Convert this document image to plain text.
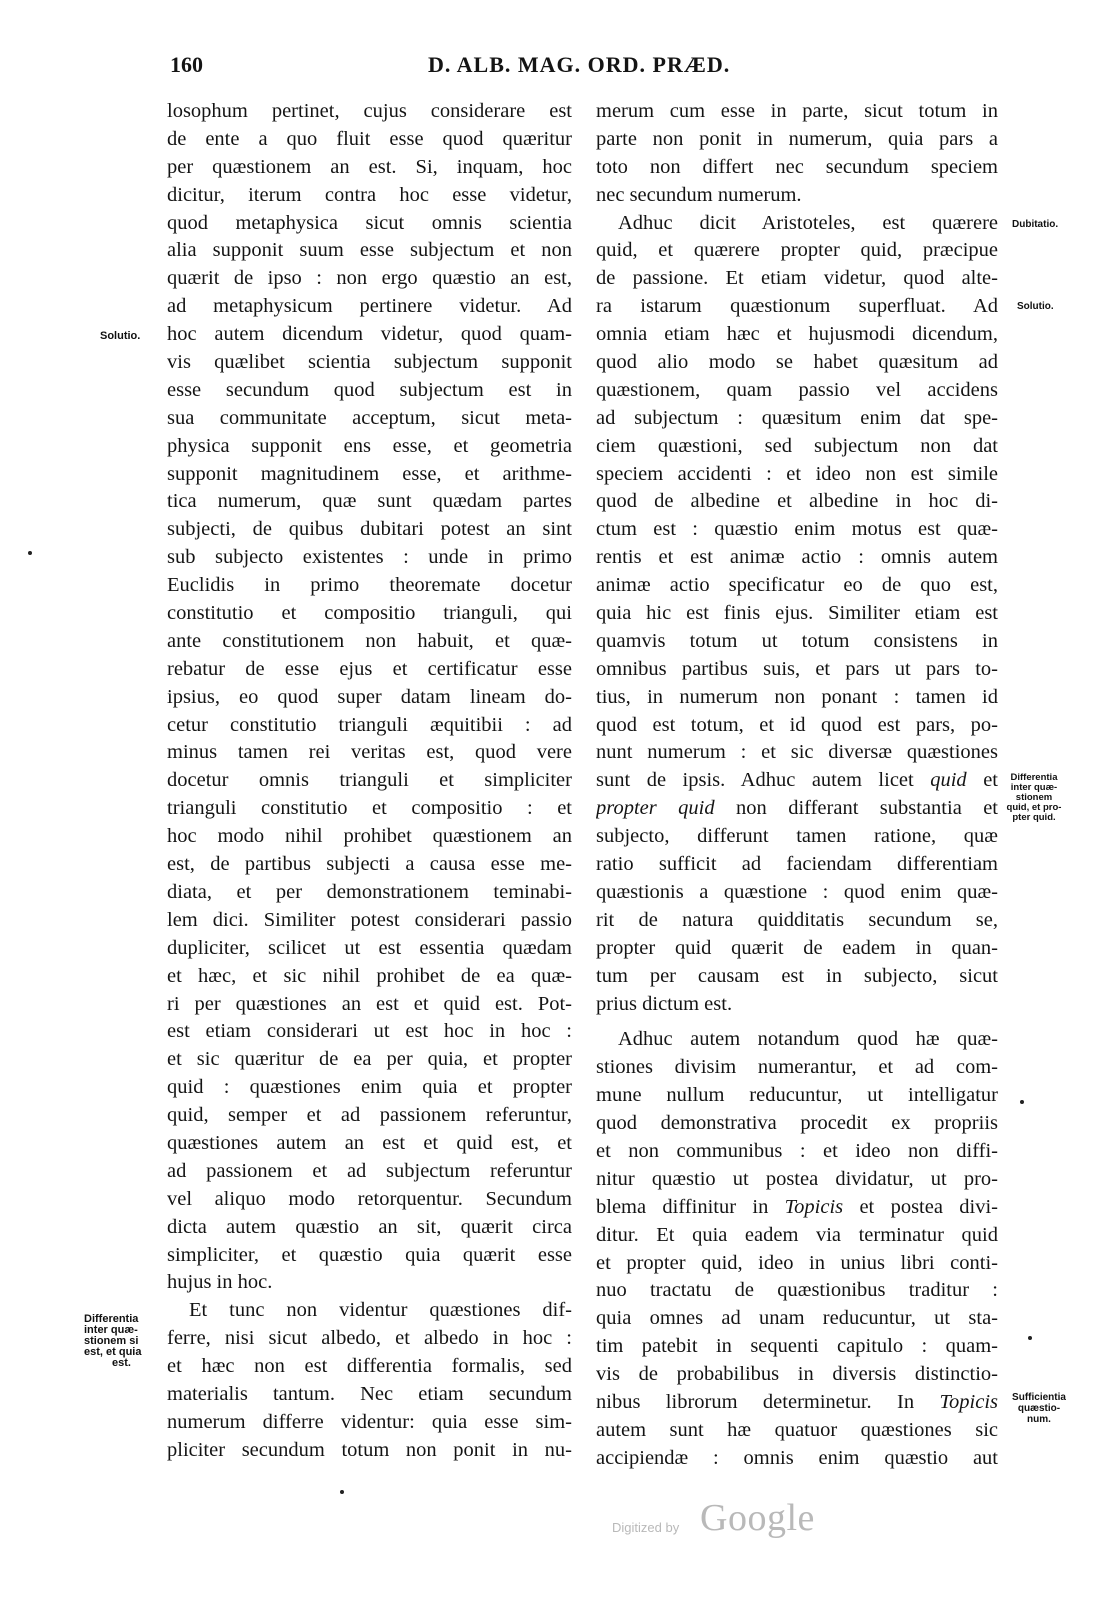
160	D. ALB. MAG. ORD. PRÆD.
losophum pertinet, cujus considerare est
de ente a quo fluit esse quod quæritur
per quæstionem an est. Si, inquam, hoc
dicitur, iterum contra hoc esse videtur,
quod metaphysica sicut omnis scientia
alia supponit suum esse subjectum et non
quærit de ipso : non ergo quæstio an est,
ad metaphysicum pertinere videtur. Ad
hoc autem dicendum videtur, quod quam-
vis quælibet scientia subjectum supponit
esse secundum quod subjectum est in
sua communitate acceptum, sicut meta-
physica supponit ens esse, et geometria
supponit magnitudinem esse, et arithme-
tica numerum, quæ sunt quædam partes
subjecti, de quibus dubitari potest an sint
sub subjecto existentes : unde in primo
Euclidis in primo theoremate docetur
constitutio et compositio trianguli, qui
ante constitutionem non habuit, et quæ-
rebatur de esse ejus et certificatur esse
ipsius, eo quod super datam lineam do-
cetur constitutio trianguli æquitibii : ad
minus tamen rei veritas est, quod vere
docetur omnis trianguli et simpliciter
trianguli constitutio et compositio : et
hoc modo nihil prohibet quæstionem an
est, de partibus subjecti a causa esse me-
diata, et per demonstrationem teminabi-
lem dici. Similiter potest considerari passio
dupliciter, scilicet ut est essentia quædam
et hæc, et sic nihil prohibet de ea quæ-
ri per quæstiones an est et quid est. Pot-
est etiam considerari ut est hoc in hoc :
et sic quæritur de ea per quia, et propter
quid : quæstiones enim quia et propter
quid, semper et ad passionem referuntur,
quæstiones autem an est et quid est, et
ad passionem et ad subjectum referuntur
vel aliquo modo retorquentur. Secundum
dicta autem quæstio an sit, quærit circa
simpliciter, et quæstio quia quærit esse
hujus in hoc.
Et tunc non videntur quæstiones dif-
ferre, nisi sicut albedo, et albedo in hoc :
et hæc non est differentia formalis, sed
materialis tantum. Nec etiam secundum
numerum differre videntur: quia esse sim-
pliciter secundum totum non ponit in nu-
merum cum esse in parte, sicut totum in
parte non ponit in numerum, quia pars a
toto non differt nec secundum speciem
nec secundum numerum.
Adhuc dicit Aristoteles, est quærere
quid, et quærere propter quid, præcipue
de passione. Et etiam videtur, quod alte-
ra istarum quæstionum superfluat. Ad
omnia etiam hæc et hujusmodi dicendum,
quod alio modo se habet quæsitum ad
quæstionem, quam passio vel accidens
ad subjectum : quæsitum enim dat spe-
ciem quæstioni, sed subjectum non dat
speciem accidenti : et ideo non est simile
quod de albedine et albedine in hoc di-
ctum est : quæstio enim motus est quæ-
rentis et est animæ actio : omnis autem
animæ actio specificatur eo de quo est,
quia hic est finis ejus. Similiter etiam est
quamvis totum ut totum consistens in
omnibus partibus suis, et pars ut pars to-
tius, in numerum non ponant : tamen id
quod est totum, et id quod est pars, po-
nunt numerum : et sic diversæ quæstiones
sunt de ipsis. Adhuc autem licet quid et
propter quid non differant substantia et
subjecto, differunt tamen ratione, quæ
ratio sufficit ad faciendam differentiam
quæstionis a quæstione : quod enim quæ-
rit de natura quidditatis secundum se,
propter quid quærit de eadem in quan-
tum per causam est in subjecto, sicut
prius dictum est.
Adhuc autem notandum quod hæ quæ-
stiones divisim numerantur, et ad com-
mune nullum reducuntur, ut intelligatur
quod demonstrativa procedit ex propriis
et non communibus : et ideo non diffi-
nitur quæstio ut postea dividatur, ut pro-
blema diffinitur in Topicis et postea divi-
ditur. Et quia eadem via terminatur quid
et propter quid, ideo in unius libri conti-
nuo tractatu de quæstionibus traditur :
quia omnes ad unam reducuntur, ut sta-
tim patebit in sequenti capitulo : quam-
vis de probabilibus in diversis distinctio-
nibus librorum determinetur. In Topicis
autem sunt hæ quatuor quæstiones sic
accipiendæ : omnis enim quæstio aut
Solutio.
Differentia
inter quæ-
stionem si
est, et quia
est.
Dubitatio.
Solutio.
Differentia
inter quæ-
stionem
quid, et pro-
pter quid.
Sufficientia
quæstio-
num.
Digitized by Google
